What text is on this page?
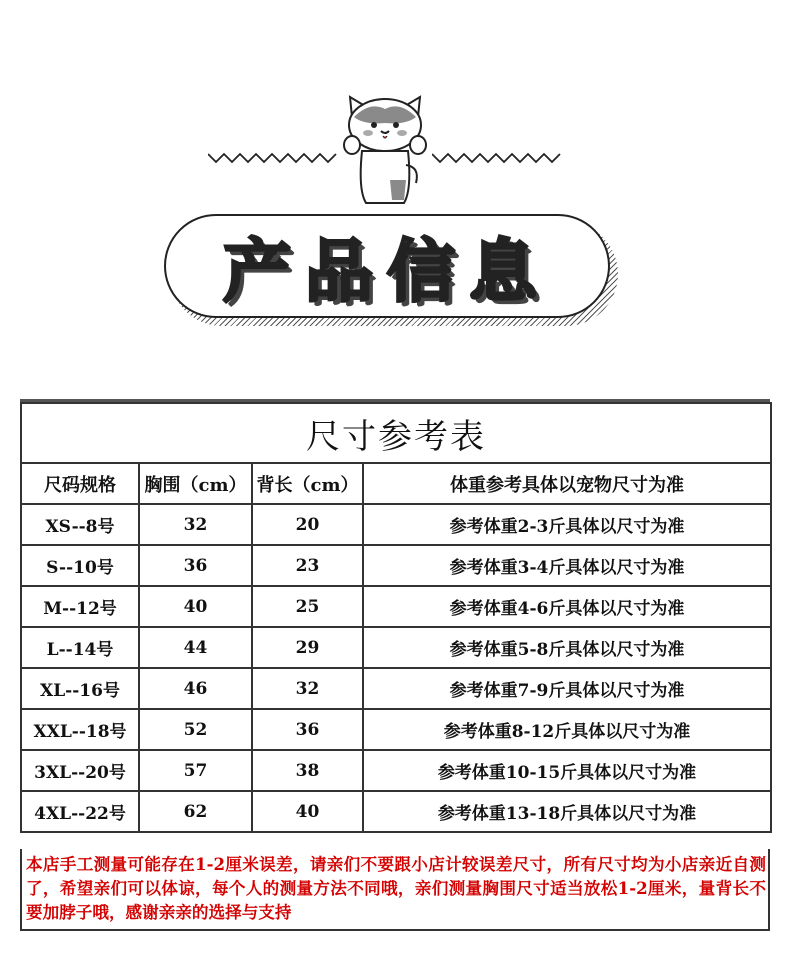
产品信息
尺寸参考表			
尺码规格	胸围（cm）	背长（cm）	体重参考具体以宠物尺寸为准
XS--8号	32	20	参考体重2-3斤具体以尺寸为准
S--10号	36	23	参考体重3-4斤具体以尺寸为准
M--12号	40	25	参考体重4-6斤具体以尺寸为准
L--14号	44	29	参考体重5-8斤具体以尺寸为准
XL--16号	46	32	参考体重7-9斤具体以尺寸为准
XXL--18号	52	36	参考体重8-12斤具体以尺寸为准
3XL--20号	57	38	参考体重10-15斤具体以尺寸为准
4XL--22号	62	40	参考体重13-18斤具体以尺寸为准
本店手工测量可能存在1-2厘米误差，请亲们不要跟小店计较误差尺寸，所有尺寸均为小店亲近自测了，希望亲们可以体谅，每个人的测量方法不同哦，亲们测量胸围尺寸适当放松1-2厘米，量背长不要加脖子哦，感谢亲亲的选择与支持
